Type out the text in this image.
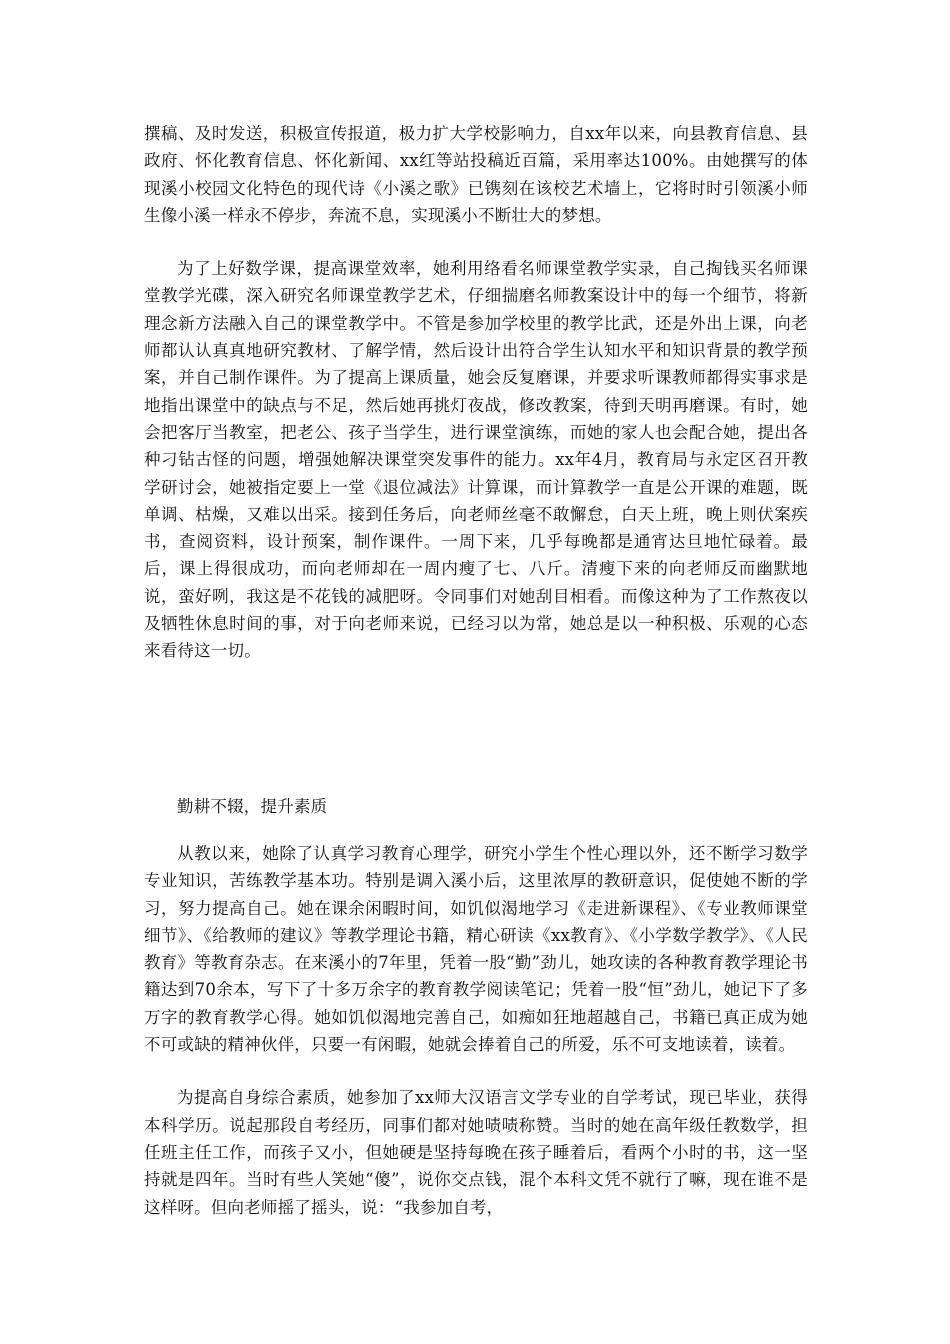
撰稿、及时发送，积极宣传报道，极力扩大学校影响力，自xx年以来，向县教育信息、县政府、怀化教育信息、怀化新闻、xx红等站投稿近百篇，采用率达100%。由她撰写的体现溪小校园文化特色的现代诗《小溪之歌》已镌刻在该校艺术墙上，它将时时引领溪小师生像小溪一样永不停步，奔流不息，实现溪小不断壮大的梦想。

为了上好数学课，提高课堂效率，她利用络看名师课堂教学实录，自己掏钱买名师课堂教学光碟，深入研究名师课堂教学艺术，仔细揣磨名师教案设计中的每一个细节，将新理念新方法融入自己的课堂教学中。不管是参加学校里的教学比武，还是外出上课，向老师都认认真真地研究教材、了解学情，然后设计出符合学生认知水平和知识背景的教学预案，并自己制作课件。为了提高上课质量，她会反复磨课，并要求听课教师都得实事求是地指出课堂中的缺点与不足，然后她再挑灯夜战，修改教案，待到天明再磨课。有时，她会把客厅当教室，把老公、孩子当学生，进行课堂演练，而她的家人也会配合她，提出各种刁钻古怪的问题，增强她解决课堂突发事件的能力。xx年4月，教育局与永定区召开教学研讨会，她被指定要上一堂《退位减法》计算课，而计算教学一直是公开课的难题，既单调、枯燥，又难以出采。接到任务后，向老师丝毫不敢懈怠，白天上班，晚上则伏案疾书，查阅资料，设计预案，制作课件。一周下来，几乎每晚都是通宵达旦地忙碌着。最后，课上得很成功，而向老师却在一周内瘦了七、八斤。清瘦下来的向老师反而幽默地说，蛮好咧，我这是不花钱的减肥呀。令同事们对她刮目相看。而像这种为了工作熬夜以及牺牲休息时间的事，对于向老师来说，已经习以为常，她总是以一种积极、乐观的心态来看待这一切。

勤耕不辍，提升素质

从教以来，她除了认真学习教育心理学，研究小学生个性心理以外，还不断学习数学专业知识，苦练教学基本功。特别是调入溪小后，这里浓厚的教研意识，促使她不断的学习，努力提高自己。她在课余闲暇时间，如饥似渴地学习《走进新课程》、《专业教师课堂细节》、《给教师的建议》等教学理论书籍，精心研读《xx教育》、《小学数学教学》、《人民教育》等教育杂志。在来溪小的7年里，凭着一股“勤”劲儿，她攻读的各种教育教学理论书籍达到70余本，写下了十多万余字的教育教学阅读笔记；凭着一股“恒”劲儿，她记下了多万字的教育教学心得。她如饥似渴地完善自己，如痴如狂地超越自己，书籍已真正成为她不可或缺的精神伙伴，只要一有闲暇，她就会捧着自己的所爱，乐不可支地读着，读着。

为提高自身综合素质，她参加了xx师大汉语言文学专业的自学考试，现已毕业，获得本科学历。说起那段自考经历，同事们都对她啧啧称赞。当时的她在高年级任教数学，担任班主任工作，而孩子又小，但她硬是坚持每晚在孩子睡着后，看两个小时的书，这一坚持就是四年。当时有些人笑她“傻”，说你交点钱，混个本科文凭不就行了嘛，现在谁不是这样呀。但向老师摇了摇头，说：“我参加自考，
